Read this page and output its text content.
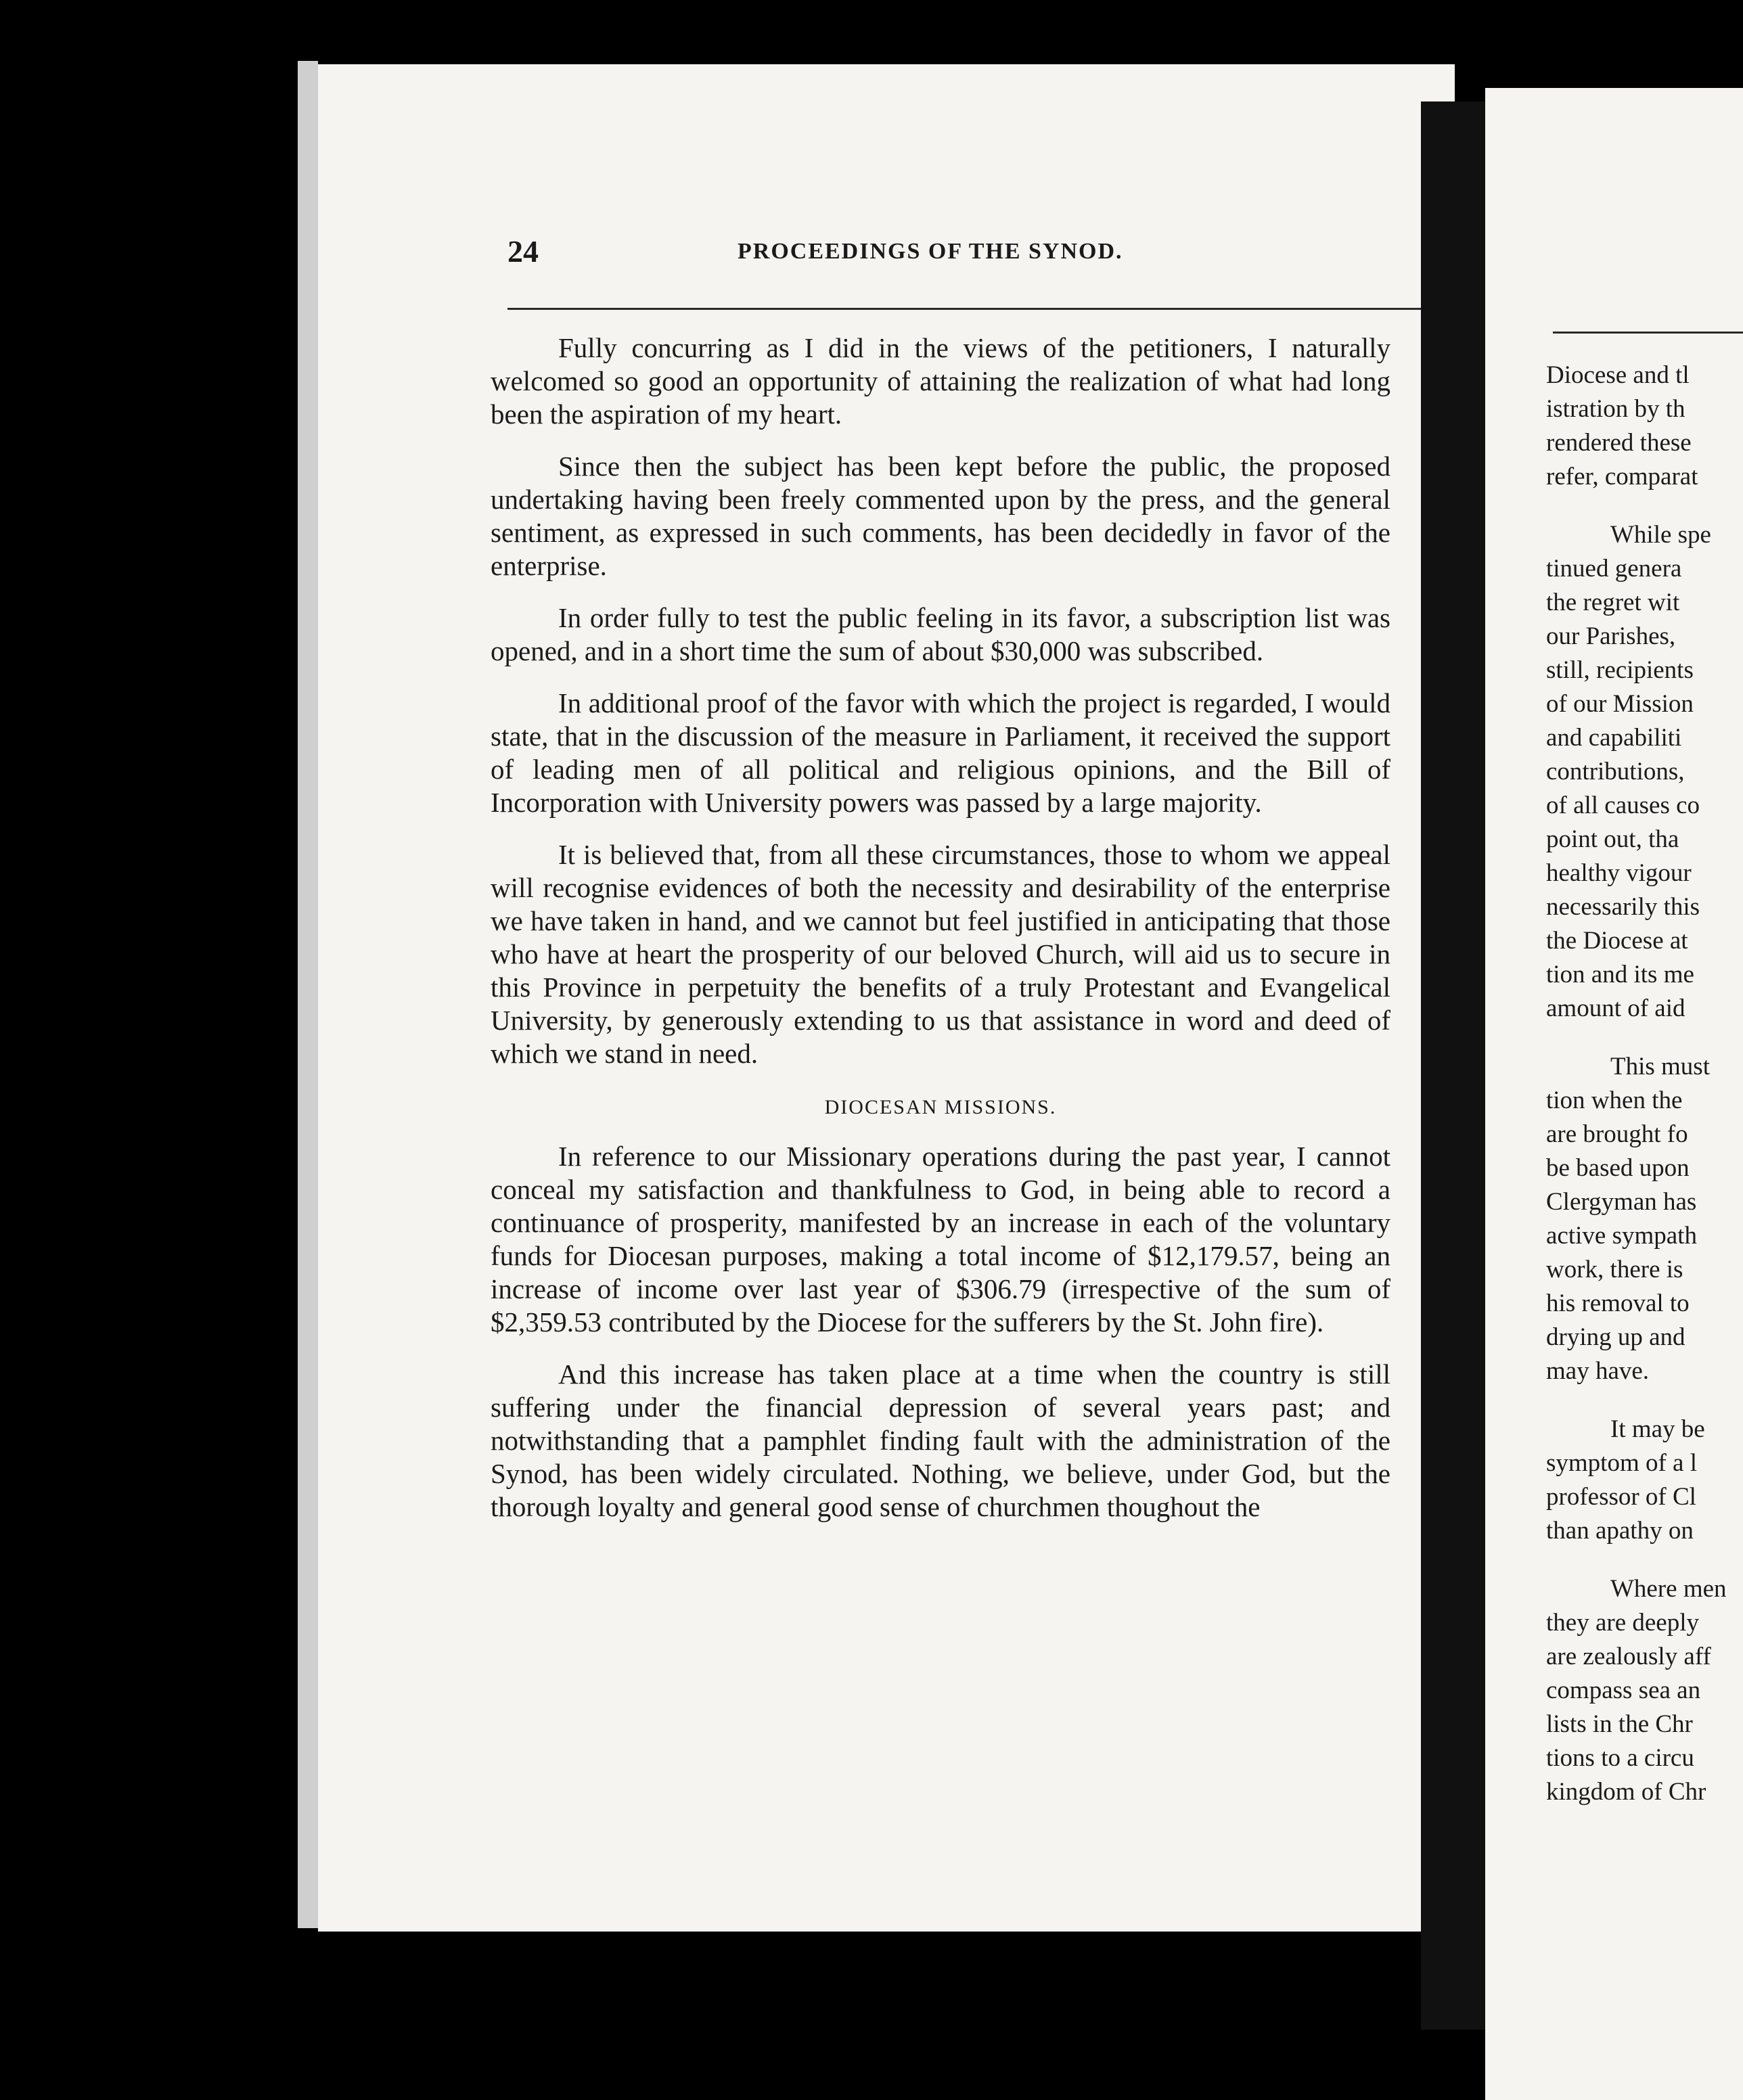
24	PROCEEDINGS OF THE SYNOD.

Fully concurring as I did in the views of the petitioners, I naturally welcomed so good an opportunity of attaining the realization of what had long been the aspiration of my heart.

Since then the subject has been kept before the public, the proposed undertaking having been freely commented upon by the press, and the general sentiment, as expressed in such comments, has been decidedly in favor of the enterprise.

In order fully to test the public feeling in its favor, a subscription list was opened, and in a short time the sum of about $30,000 was subscribed.

In additional proof of the favor with which the project is regarded, I would state, that in the discussion of the measure in Parliament, it received the support of leading men of all political and religious opinions, and the Bill of Incorporation with University powers was passed by a large majority.

It is believed that, from all these circumstances, those to whom we appeal will recognise evidences of both the necessity and desirability of the enterprise we have taken in hand, and we cannot but feel justified in anticipating that those who have at heart the prosperity of our beloved Church, will aid us to secure in this Province in perpetuity the benefits of a truly Protestant and Evangelical University, by generously extending to us that assistance in word and deed of which we stand in need.

DIOCESAN MISSIONS.

In reference to our Missionary operations during the past year, I cannot conceal my satisfaction and thankfulness to God, in being able to record a continuance of prosperity, manifested by an increase in each of the voluntary funds for Diocesan purposes, making a total income of $12,179.57, being an increase of income over last year of $306.79 (irrespective of the sum of $2,359.53 contributed by the Diocese for the sufferers by the St. John fire).

And this increase has taken place at a time when the country is still suffering under the financial depression of several years past; and notwithstanding that a pamphlet finding fault with the administration of the Synod, has been widely circulated. Nothing, we believe, under God, but the thorough loyalty and general good sense of churchmen thoughout the

Diocese and tl
istration by th
rendered these
refer, comparat
While spe
tinued genera
the regret wit
our Parishes,
still, recipients
of our Mission
and capabiliti
contributions,
of all causes co
point out, tha
healthy vigour
necessarily this
the Diocese at
tion and its me
amount of aid
This must
tion when the
are brought fo
be based upon
Clergyman has
active sympath
work, there is
his removal to
drying up and
may have.
It may be
symptom of a l
professor of Cl
than apathy on
Where men
they are deeply
are zealously aff
compass sea an
lists in the Chr
tions to a circu
kingdom of Chr
